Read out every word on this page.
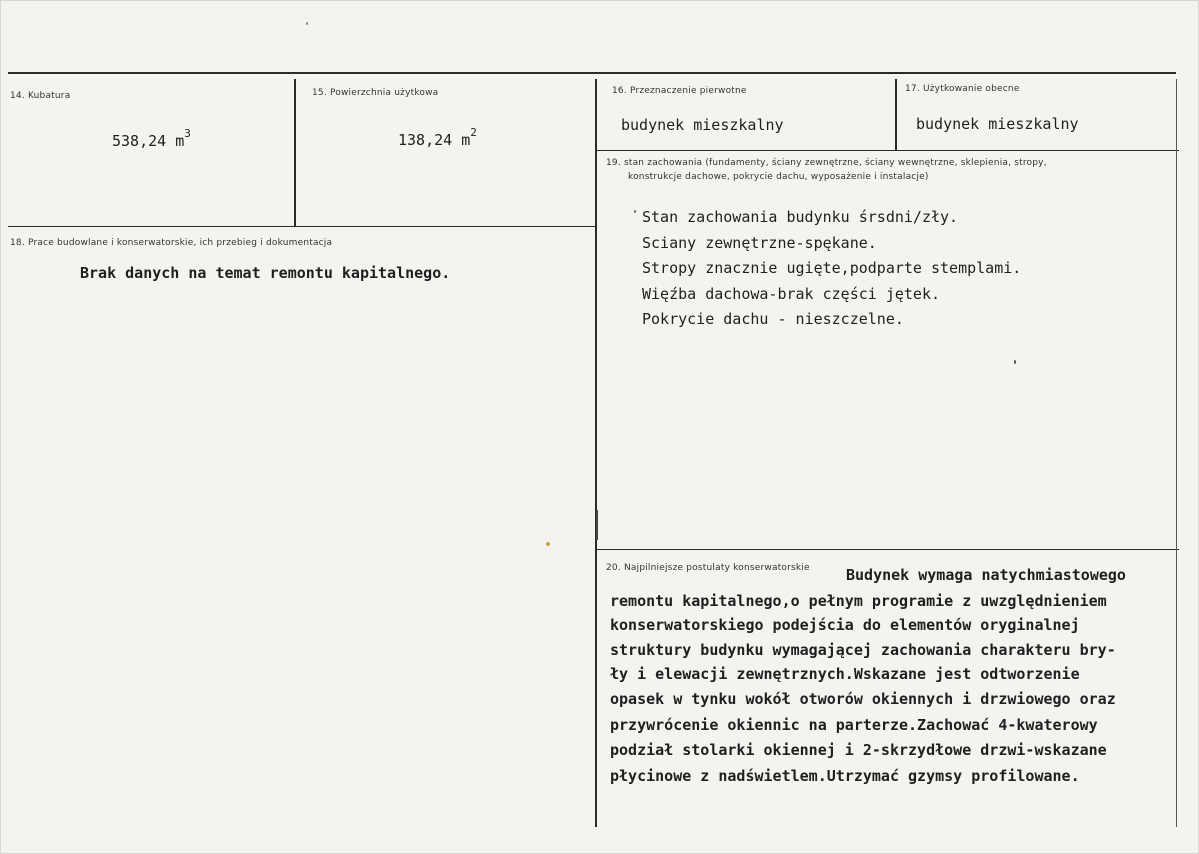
14. Kubatura
538,24 $m^3$
15. Powierzchnia użytkowa
138,24 $m^2$
16. Przeznaczenie pierwotne
budynek mieszkalny
17. Użytkowanie obecne
budynek mieszkalny
18. Prace budowlane i konserwatorskie, ich przebieg i dokumentacja
Brak danych na temat remontu kapitalnego.
19. stan zachowania (fundamenty, ściany zewnętrzne, ściany wewnętrzne, sklepienia, stropy,
konstrukcje dachowe, pokrycie dachu, wyposażenie i instalacje)
Stan zachowania budynku śrsdni/zły.
Sciany zewnętrzne-spękane.
Stropy znacznie ugięte,podparte stemplami.
Więźba dachowa-brak części jętek.
Pokrycie dachu - nieszczelne.
20. Najpilniejsze postulaty konserwatorskie Budynek wymaga natychmiastowego
remontu kapitalnego,o pełnym programie z uwzględnieniem
konserwatorskiego podejścia do elementów oryginalnej
struktury budynku wymagającej zachowania charakteru bry-
ły i elewacji zewnętrznych.Wskazane jest odtworzenie
opasek w tynku wokół otworów okiennych i drzwiowego oraz
przywrócenie okiennic na parterze.Zachować 4-kwaterowy
podział stolarki okiennej i 2-skrzydłowe drzwi-wskazane
płycinowe z nadświetlem.Utrzymać gzymsy profilowane.
